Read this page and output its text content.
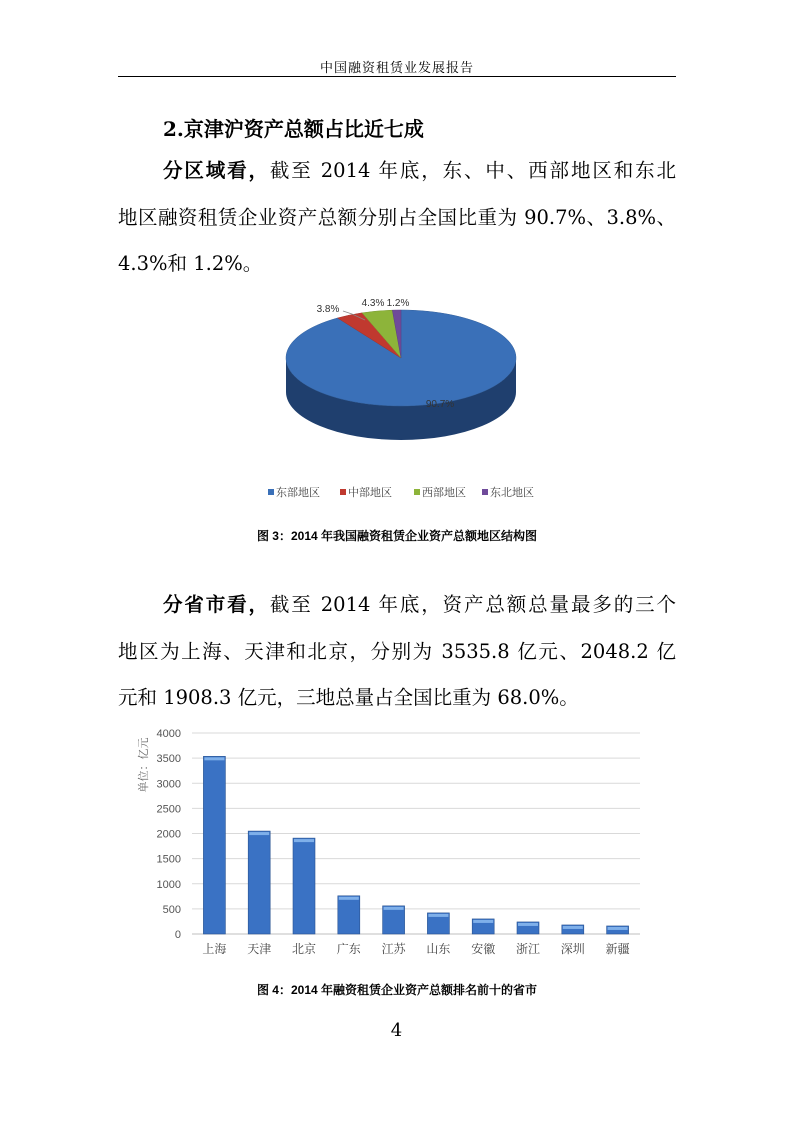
中国融资租赁业发展报告
2.京津沪资产总额占比近七成
分区域看，截至 2014 年底，东、中、西部地区和东北
地区融资租赁企业资产总额分别占全国比重为 90.7%、3.8%、
4.3%和 1.2%。
90.7%
3.8%
4.3% 1.2%
东部地区	中部地区	西部地区 东北地区
图 3：2014 年我国融资租赁企业资产总额地区结构图
分省市看，截至 2014 年底，资产总额总量最多的三个
地区为上海、天津和北京，分别为 3535.8 亿元、2048.2 亿
元和 1908.3 亿元，三地总量占全国比重为 68.0%。
0
500
1000
1500
2000
2500
3000
3500
4000
单位：亿元
上海 天津 北京 广东 江苏 山东 安徽 浙江 深圳 新疆
图 4：2014 年融资租赁企业资产总额排名前十的省市
4
